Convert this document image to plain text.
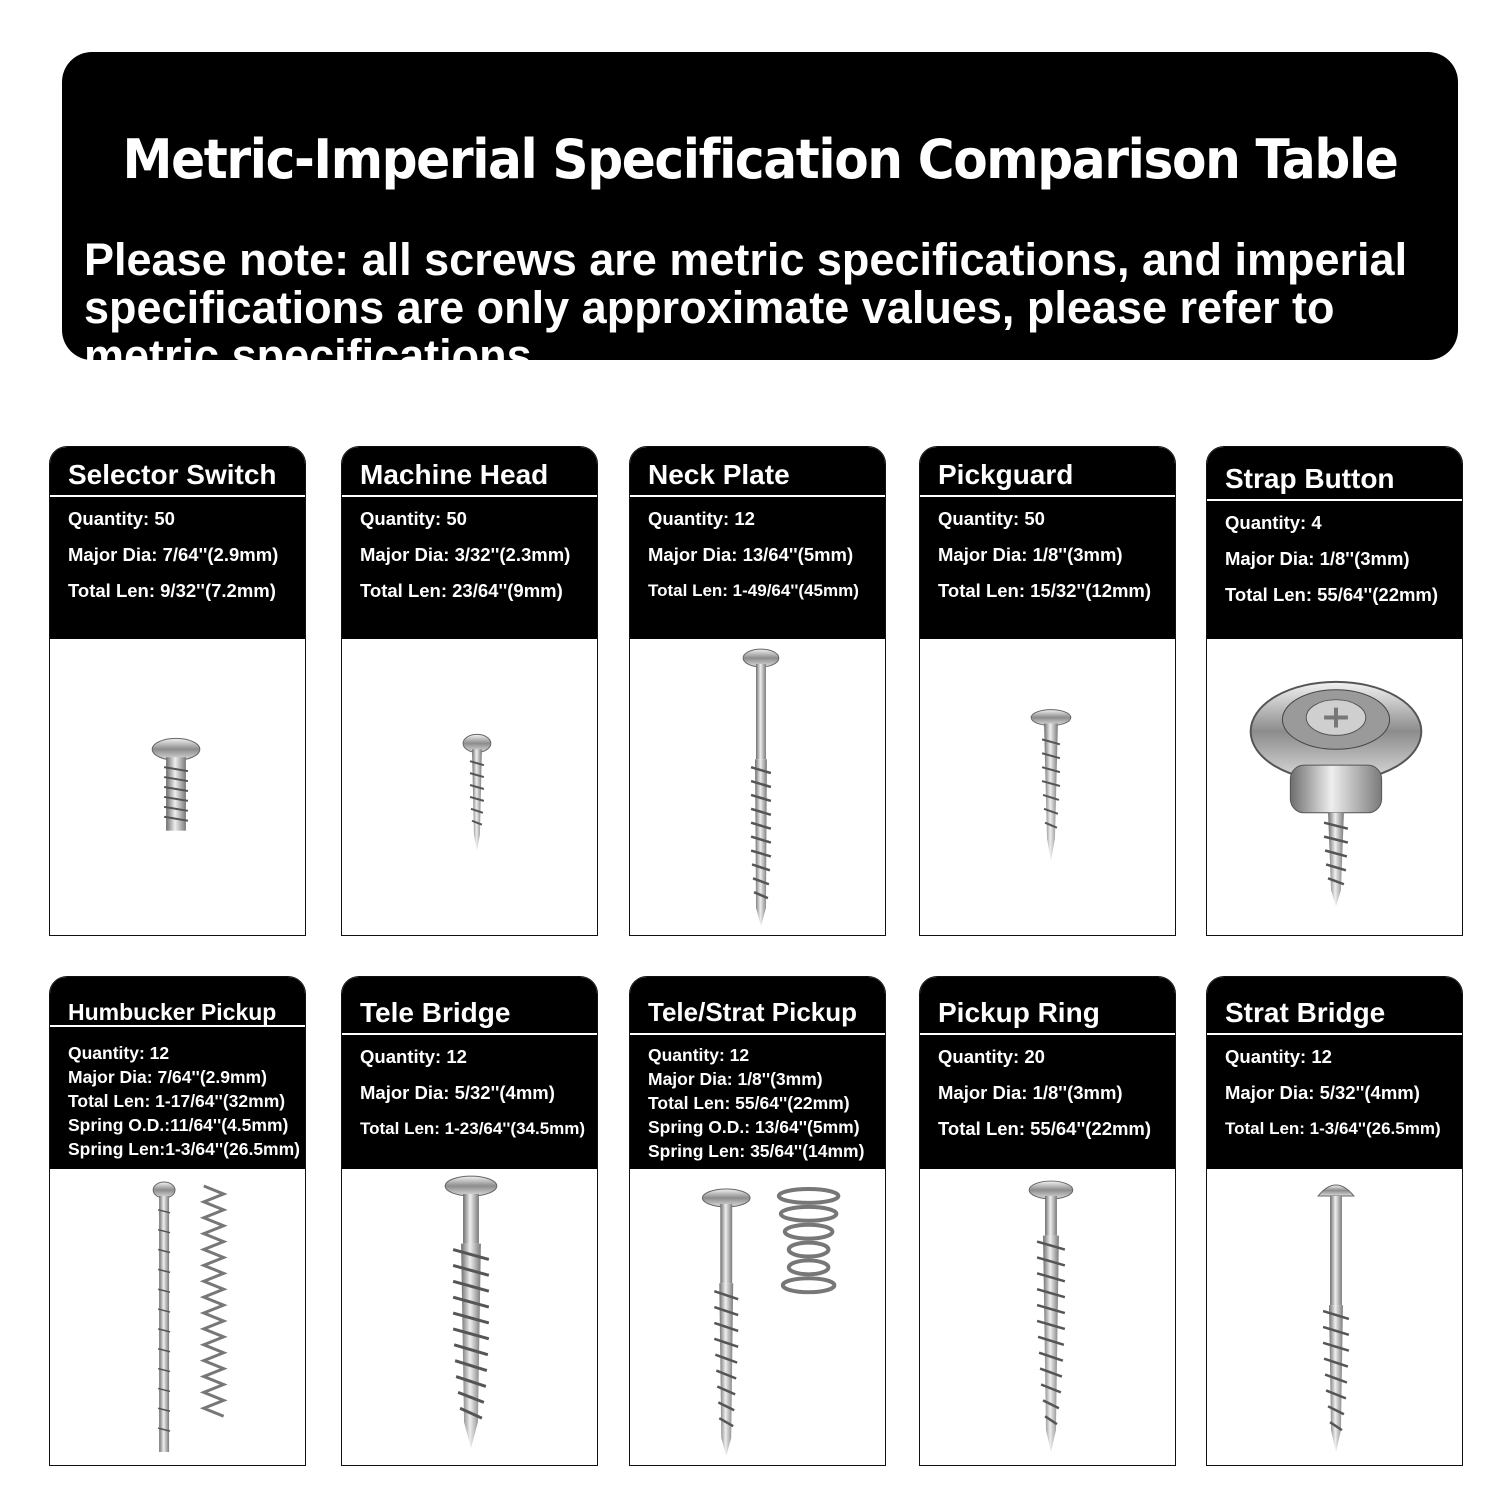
Metric-Imperial Specification Comparison Table
Please note: all screws are metric specifications, and imperial specifications are only approximate values, please refer to metric specifications
Selector Switch
Quantity: 50
Major Dia: 7/64''(2.9mm)
Total Len: 9/32''(7.2mm)
Machine Head
Quantity: 50
Major Dia: 3/32''(2.3mm)
Total Len: 23/64''(9mm)
Neck Plate
Quantity: 12
Major Dia: 13/64''(5mm)
Total Len: 1-49/64''(45mm)
Pickguard
Quantity: 50
Major Dia: 1/8''(3mm)
Total Len: 15/32''(12mm)
Strap Button
Quantity: 4
Major Dia: 1/8''(3mm)
Total Len: 55/64''(22mm)
Humbucker Pickup
Quantity: 12
Major Dia: 7/64''(2.9mm)
Total Len: 1-17/64''(32mm)
Spring O.D.:11/64''(4.5mm)
Spring Len:1-3/64''(26.5mm)
Tele Bridge
Quantity: 12
Major Dia: 5/32''(4mm)
Total Len: 1-23/64''(34.5mm)
Tele/Strat Pickup
Quantity: 12
Major Dia: 1/8''(3mm)
Total Len: 55/64''(22mm)
Spring O.D.: 13/64''(5mm)
Spring Len: 35/64''(14mm)
Pickup Ring
Quantity: 20
Major Dia: 1/8''(3mm)
Total Len: 55/64''(22mm)
Strat Bridge
Quantity: 12
Major Dia: 5/32''(4mm)
Total Len: 1-3/64''(26.5mm)
